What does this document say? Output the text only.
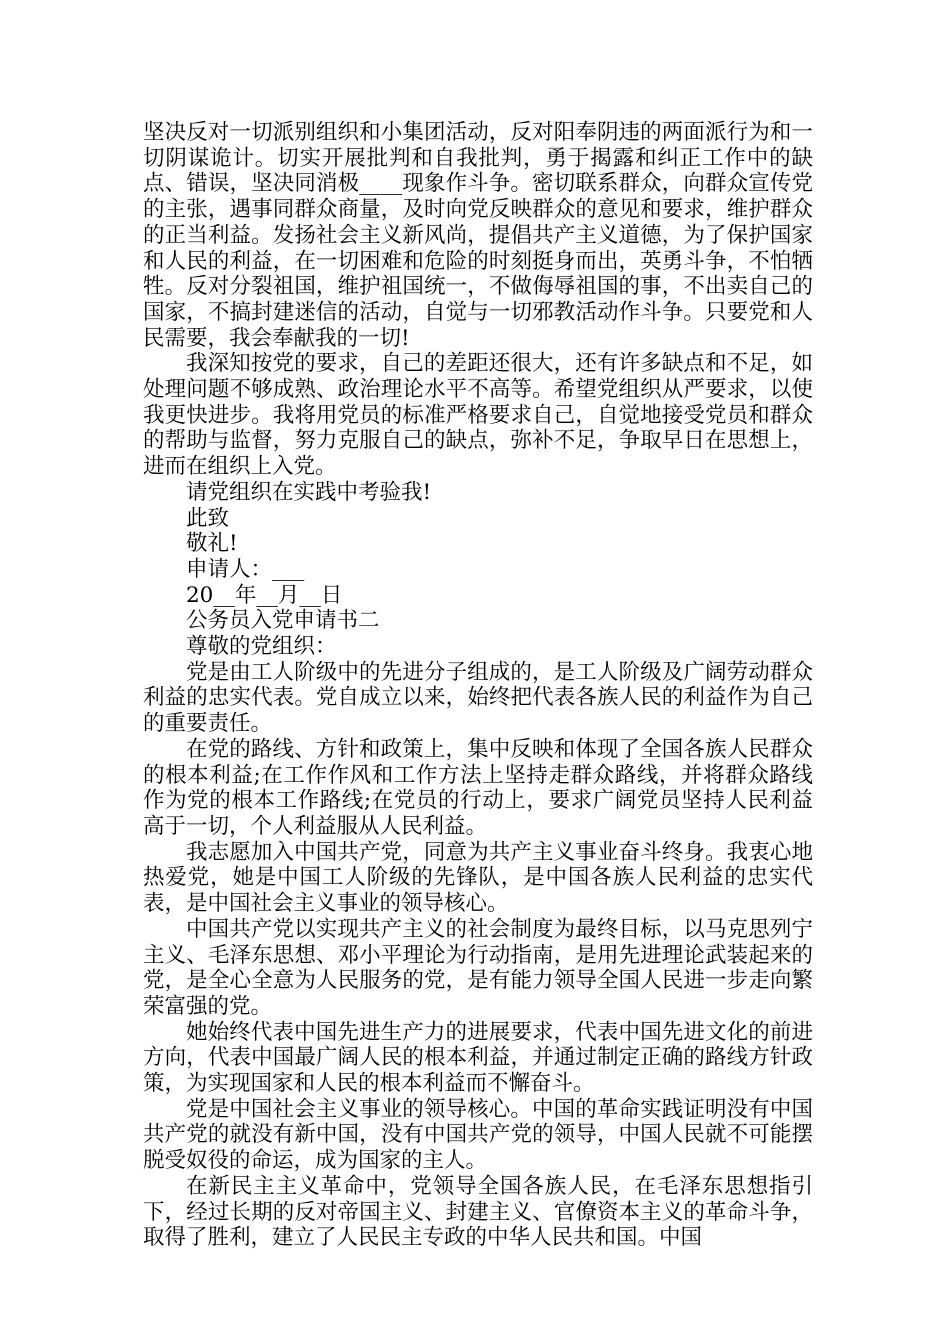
坚决反对一切派别组织和小集团活动，反对阳奉阴违的两面派行为和一切阴谋诡计。切实开展批判和自我批判，勇于揭露和纠正工作中的缺点、错误，坚决同消极____现象作斗争。密切联系群众，向群众宣传党的主张，遇事同群众商量，及时向党反映群众的意见和要求，维护群众的正当利益。发扬社会主义新风尚，提倡共产主义道德，为了保护国家和人民的利益，在一切困难和危险的时刻挺身而出，英勇斗争，不怕牺牲。反对分裂祖国，维护祖国统一，不做侮辱祖国的事，不出卖自己的国家，不搞封建迷信的活动，自觉与一切邪教活动作斗争。只要党和人民需要，我会奉献我的一切!

我深知按党的要求，自己的差距还很大，还有许多缺点和不足，如处理问题不够成熟、政治理论水平不高等。希望党组织从严要求，以使我更快进步。我将用党员的标准严格要求自己，自觉地接受党员和群众的帮助与监督，努力克服自己的缺点，弥补不足，争取早日在思想上，进而在组织上入党。

请党组织在实践中考验我!

此致

敬礼!

申请人：___

20__年__月__日

公务员入党申请书二

尊敬的党组织：

党是由工人阶级中的先进分子组成的，是工人阶级及广阔劳动群众利益的忠实代表。党自成立以来，始终把代表各族人民的利益作为自己的重要责任。

在党的路线、方针和政策上，集中反映和体现了全国各族人民群众的根本利益;在工作作风和工作方法上坚持走群众路线，并将群众路线作为党的根本工作路线;在党员的行动上，要求广阔党员坚持人民利益高于一切，个人利益服从人民利益。

我志愿加入中国共产党，同意为共产主义事业奋斗终身。我衷心地热爱党，她是中国工人阶级的先锋队，是中国各族人民利益的忠实代表，是中国社会主义事业的领导核心。

中国共产党以实现共产主义的社会制度为最终目标，以马克思列宁主义、毛泽东思想、邓小平理论为行动指南，是用先进理论武装起来的党，是全心全意为人民服务的党，是有能力领导全国人民进一步走向繁荣富强的党。

她始终代表中国先进生产力的进展要求，代表中国先进文化的前进方向，代表中国最广阔人民的根本利益，并通过制定正确的路线方针政策，为实现国家和人民的根本利益而不懈奋斗。

党是中国社会主义事业的领导核心。中国的革命实践证明没有中国共产党的就没有新中国，没有中国共产党的领导，中国人民就不可能摆脱受奴役的命运，成为国家的主人。

在新民主主义革命中，党领导全国各族人民，在毛泽东思想指引下，经过长期的反对帝国主义、封建主义、官僚资本主义的革命斗争，取得了胜利，建立了人民民主专政的中华人民共和国。中国
